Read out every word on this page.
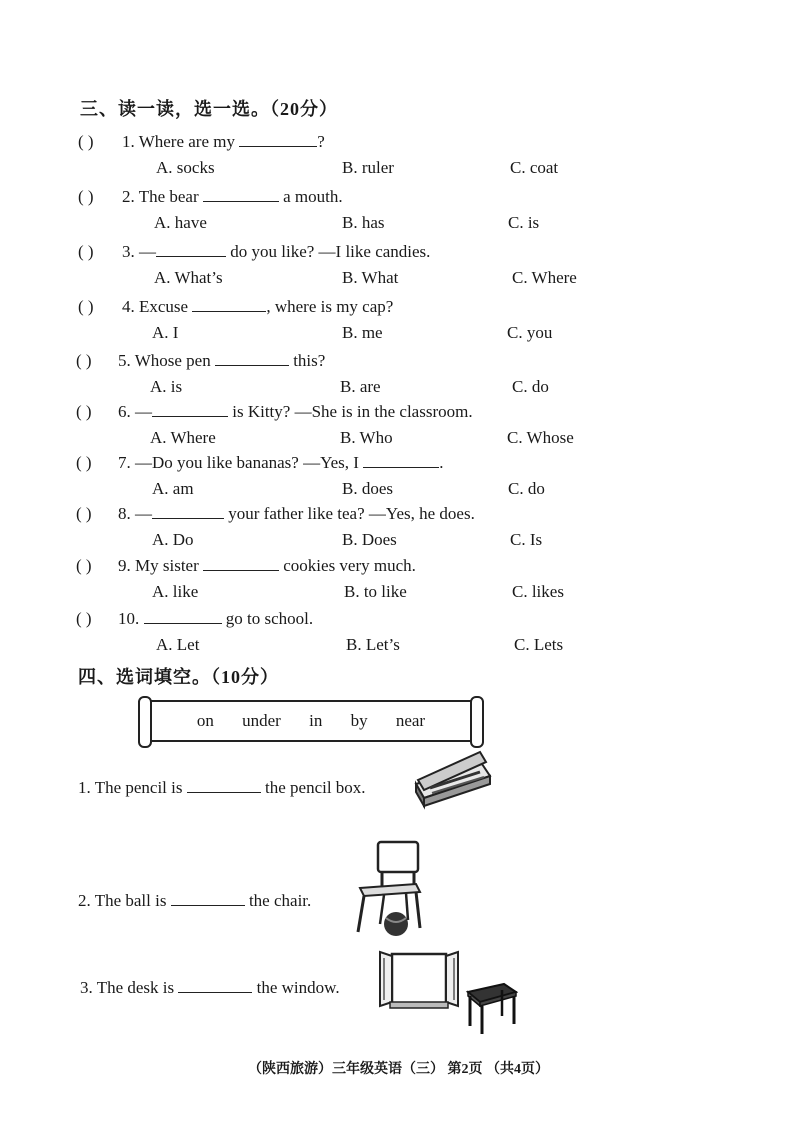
三、读一读，选一选。（20分）
( ) 1. Where are my	?
A. socks	B. ruler	C. coat
( ) 2. The bear	a mouth.
A. have	B. has	C. is
( ) 3. —	do you like? —I like candies.
A. What’s	B. What	C. Where
( ) 4. Excuse	, where is my cap?
A. I	B. me	C. you
( ) 5. Whose pen	this?
A. is	B. are	C. do
( ) 6. —	is Kitty? —She is in the classroom.
A. Where	B. Who	C. Whose
( ) 7. —Do you like bananas? —Yes, I	.
A. am	B. does	C. do
( ) 8. —	your father like tea? —Yes, he does.
A. Do	B. Does	C. Is
( ) 9. My sister	cookies very much.
A. like	B. to like	C. likes
( ) 10.	go to school.
A. Let	B. Let’s	C. Lets
四、选词填空。（10分）
on under in by near
1. The pencil is	the pencil box.
2. The ball is	the chair.
3. The desk is	the window.
（陕西旅游）三年级英语（三） 第2页 （共4页）
